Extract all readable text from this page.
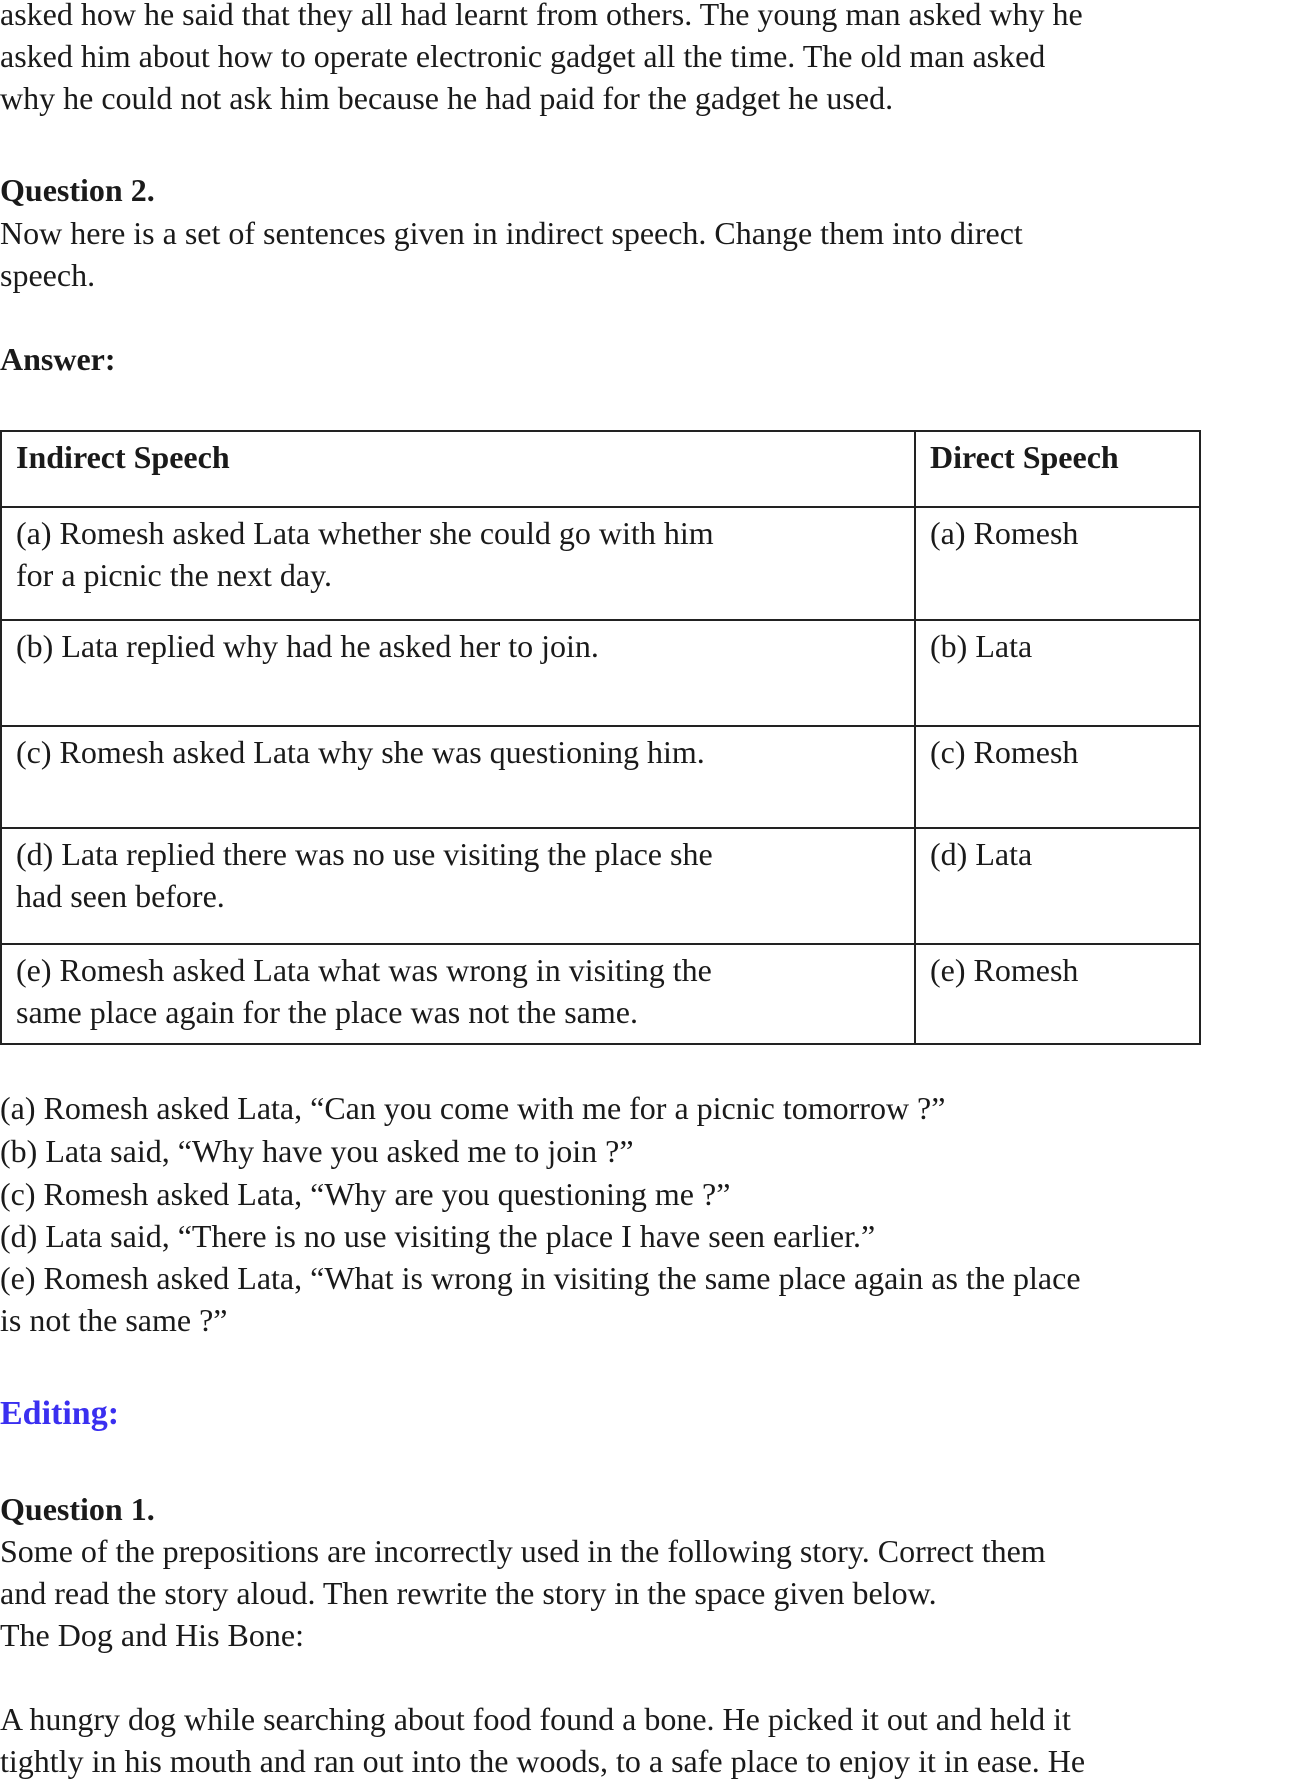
asked how he said that they all had learnt from others. The young man asked why he
asked him about how to operate electronic gadget all the time. The old man asked
why he could not ask him because he had paid for the gadget he used.
Question 2.
Now here is a set of sentences given in indirect speech. Change them into direct
speech.
Answer:
Indirect Speech	Direct Speech

(a) Romesh asked Lata whether she could go with him
for a picnic the next day.	(a) Romesh

(b) Lata replied why had he asked her to join.	(b) Lata

(c) Romesh asked Lata why she was questioning him.	(c) Romesh

(d) Lata replied there was no use visiting the place she
had seen before.	(d) Lata

(e) Romesh asked Lata what was wrong in visiting the
same place again for the place was not the same.	(e) Romesh
(a) Romesh asked Lata, “Can you come with me for a picnic tomorrow ?”
(b) Lata said, “Why have you asked me to join ?”
(c) Romesh asked Lata, “Why are you questioning me ?”
(d) Lata said, “There is no use visiting the place I have seen earlier.”
(e) Romesh asked Lata, “What is wrong in visiting the same place again as the place
is not the same ?”
Editing:
Question 1.
Some of the prepositions are incorrectly used in the following story. Correct them
and read the story aloud. Then rewrite the story in the space given below.
The Dog and His Bone:
A hungry dog while searching about food found a bone. He picked it out and held it
tightly in his mouth and ran out into the woods, to a safe place to enjoy it in ease. He
